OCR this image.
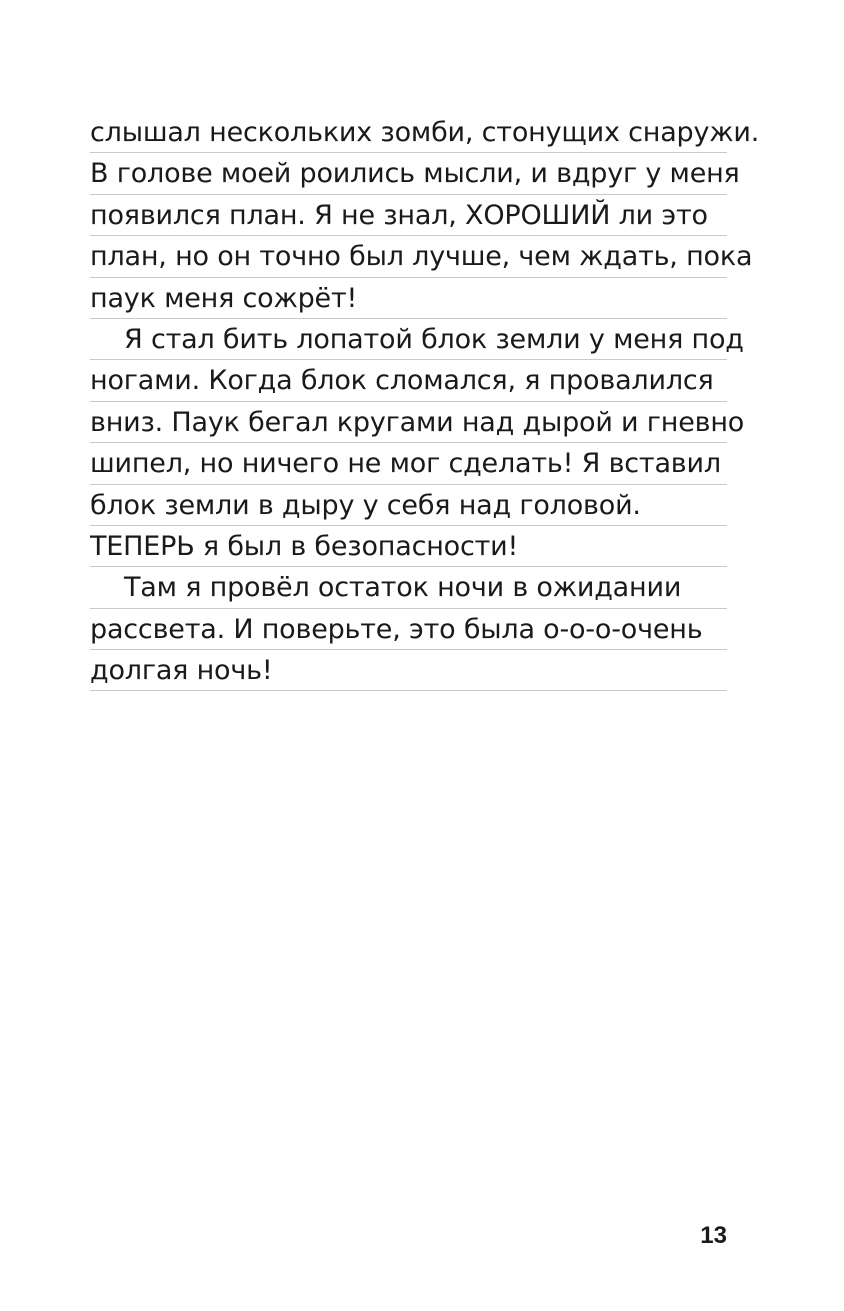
слышал нескольких зомби, стонущих снаружи.
В голове моей роились мысли, и вдруг у меня
появился план. Я не знал, ХОРОШИЙ ли это
план, но он точно был лучше, чем ждать, пока
паук меня сожрёт!
Я стал бить лопатой блок земли у меня под
ногами. Когда блок сломался, я провалился
вниз. Паук бегал кругами над дырой и гневно
шипел, но ничего не мог сделать! Я вставил
блок земли в дыру у себя над головой.
ТЕПЕРЬ я был в безопасности!
Там я провёл остаток ночи в ожидании
рассвета. И поверьте, это была о-о-о-очень
долгая ночь!
13
